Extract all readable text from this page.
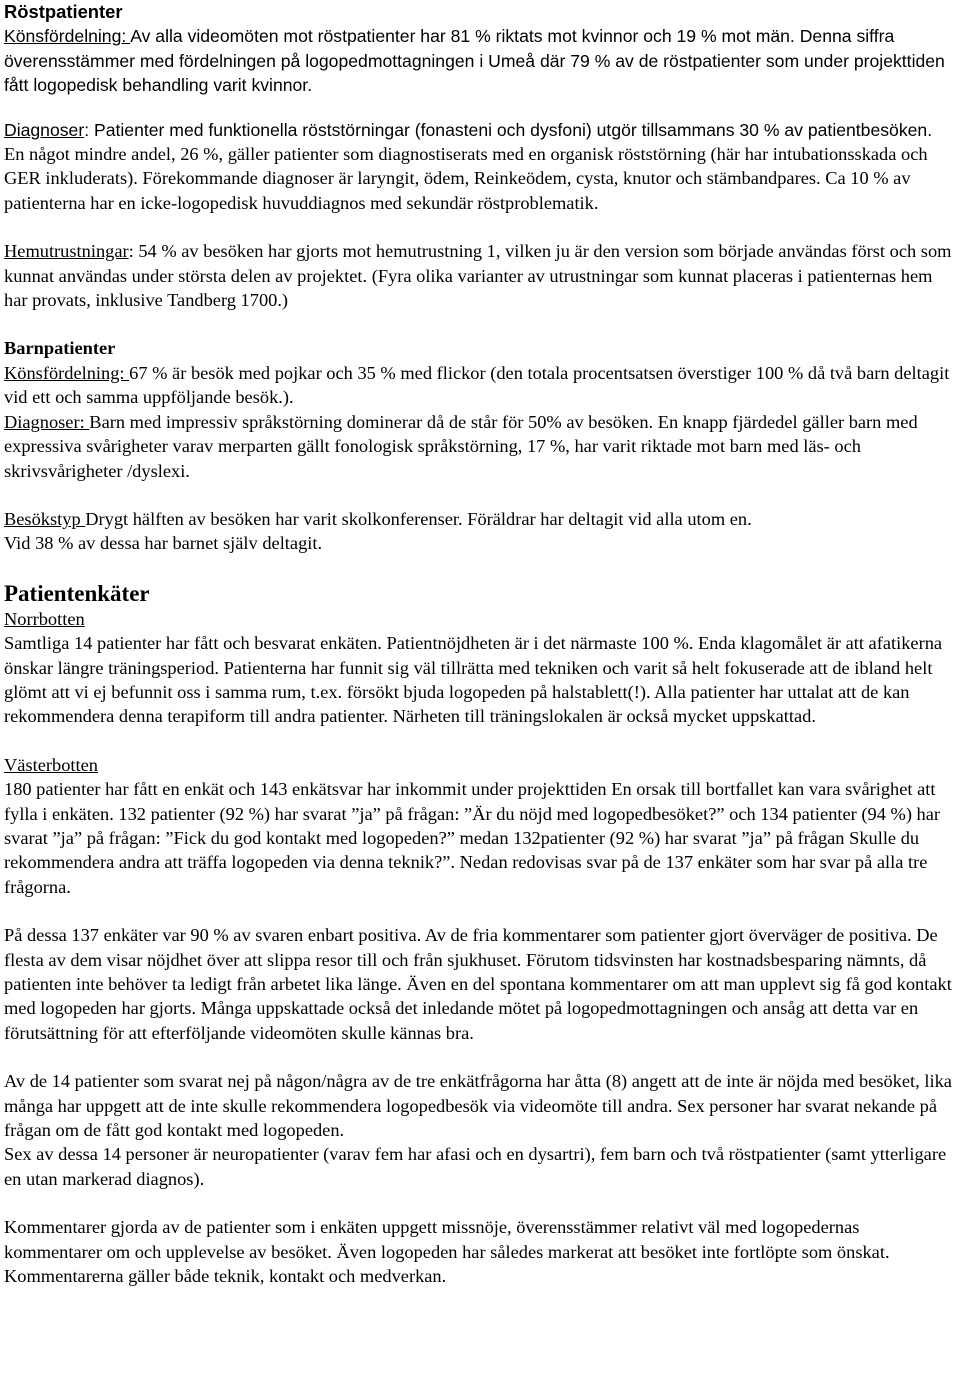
Röstpatienter

Könsfördelning: Av alla videomöten mot röstpatienter har 81 % riktats mot kvinnor och 19 % mot män. Denna siffra överensstämmer med fördelningen på logopedmottagningen i Umeå där 79 % av de röstpatienter som under projekttiden fått logopedisk behandling varit kvinnor.

Diagnoser: Patienter med funktionella röststörningar (fonasteni och dysfoni) utgör tillsammans 30 % av patientbesöken. En något mindre andel, 26 %, gäller patienter som diagnostiserats med en organisk röststörning (här har intubationsskada och GER inkluderats). Förekommande diagnoser är laryngit, ödem, Reinkeödem, cysta, knutor och stämbandpares. Ca 10 % av patienterna har en icke-logopedisk huvuddiagnos med sekundär röstproblematik.

Hemutrustningar: 54 % av besöken har gjorts mot hemutrustning 1, vilken ju är den version som började användas först och som kunnat användas under största delen av projektet. (Fyra olika varianter av utrustningar som kunnat placeras i patienternas hem har provats, inklusive Tandberg 1700.)

Barnpatienter

Könsfördelning: 67 % är besök med pojkar och 35 % med flickor (den totala procentsatsen överstiger 100 % då två barn deltagit vid ett och samma uppföljande besök.).

Diagnoser: Barn med impressiv språkstörning dominerar då de står för 50% av besöken. En knapp fjärdedel gäller barn med expressiva svårigheter varav merparten gällt fonologisk språkstörning, 17 %, har varit riktade mot barn med läs- och skrivsvårigheter /dyslexi.

Besökstyp Drygt hälften av besöken har varit skolkonferenser. Föräldrar har deltagit vid alla utom en.

Vid 38 % av dessa har barnet själv deltagit.

Patientenkäter

Norrbotten

Samtliga 14 patienter har fått och besvarat enkäten. Patientnöjdheten är i det närmaste 100 %. Enda klagomålet är att afatikerna önskar längre träningsperiod. Patienterna har funnit sig väl tillrätta med tekniken och varit så helt fokuserade att de ibland helt glömt att vi ej befunnit oss i samma rum, t.ex. försökt bjuda logopeden på halstablett(!). Alla patienter har uttalat att de kan rekommendera denna terapiform till andra patienter. Närheten till träningslokalen är också mycket uppskattad.

Västerbotten

180 patienter har fått en enkät och 143 enkätsvar har inkommit under projekttiden En orsak till bortfallet kan vara svårighet att fylla i enkäten. 132 patienter (92 %) har svarat ”ja” på frågan: ”Är du nöjd med logopedbesöket?” och 134 patienter (94 %) har svarat ”ja” på frågan: ”Fick du god kontakt med logopeden?” medan 132patienter (92 %) har svarat ”ja” på frågan Skulle du rekommendera andra att träffa logopeden via denna teknik?”. Nedan redovisas svar på de 137 enkäter som har svar på alla tre frågorna.

På dessa 137 enkäter var 90 % av svaren enbart positiva. Av de fria kommentarer som patienter gjort överväger de positiva. De flesta av dem visar nöjdhet över att slippa resor till och från sjukhuset. Förutom tidsvinsten har kostnadsbesparing nämnts, då patienten inte behöver ta ledigt från arbetet lika länge. Även en del spontana kommentarer om att man upplevt sig få god kontakt med logopeden har gjorts. Många uppskattade också det inledande mötet på logopedmottagningen och ansåg att detta var en förutsättning för att efterföljande videomöten skulle kännas bra.

Av de 14 patienter som svarat nej på någon/några av de tre enkätfrågorna har åtta (8) angett att de inte är nöjda med besöket, lika många har uppgett att de inte skulle rekommendera logopedbesök via videomöte till andra. Sex personer har svarat nekande på frågan om de fått god kontakt med logopeden.

Sex av dessa 14 personer är neuropatienter (varav fem har afasi och en dysartri), fem barn och två röstpatienter (samt ytterligare en utan markerad diagnos).

Kommentarer gjorda av de patienter som i enkäten uppgett missnöje, överensstämmer relativt väl med logopedernas kommentarer om och upplevelse av besöket. Även logopeden har således markerat att besöket inte fortlöpte som önskat. Kommentarerna gäller både teknik, kontakt och medverkan.
